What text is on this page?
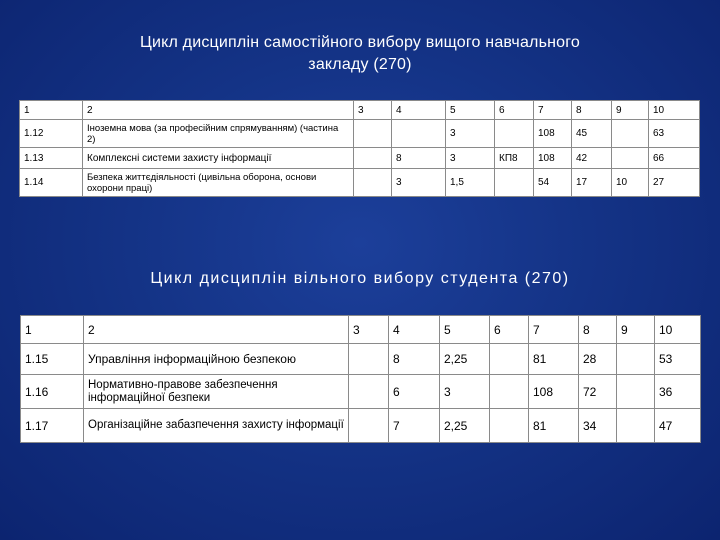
Цикл дисциплін самостійного вибору вищого навчального
закладу (270)
1	2	3	4	5	6	7	8	9	10
1.12	Іноземна мова (за професійним спрямуванням) (частина 2)			3		108	45		63
1.13	Комплексні системи захисту інформації		8	3	КП8	108	42		66
1.14	Безпека життєдіяльності (цивільна оборона, основи охорони праці)		3	1,5		54	17	10	27
Цикл дисциплін вільного вибору студента (270)
1	2	3	4	5	6	7	8	9	10
1.15	Управління інформаційною безпекою		8	2,25		81	28		53
1.16	Нормативно-правове забезпечення інформаційної безпеки		6	3		108	72		36
1.17	Організаційне забазпечення захисту інформації		7	2,25		81	34		47
